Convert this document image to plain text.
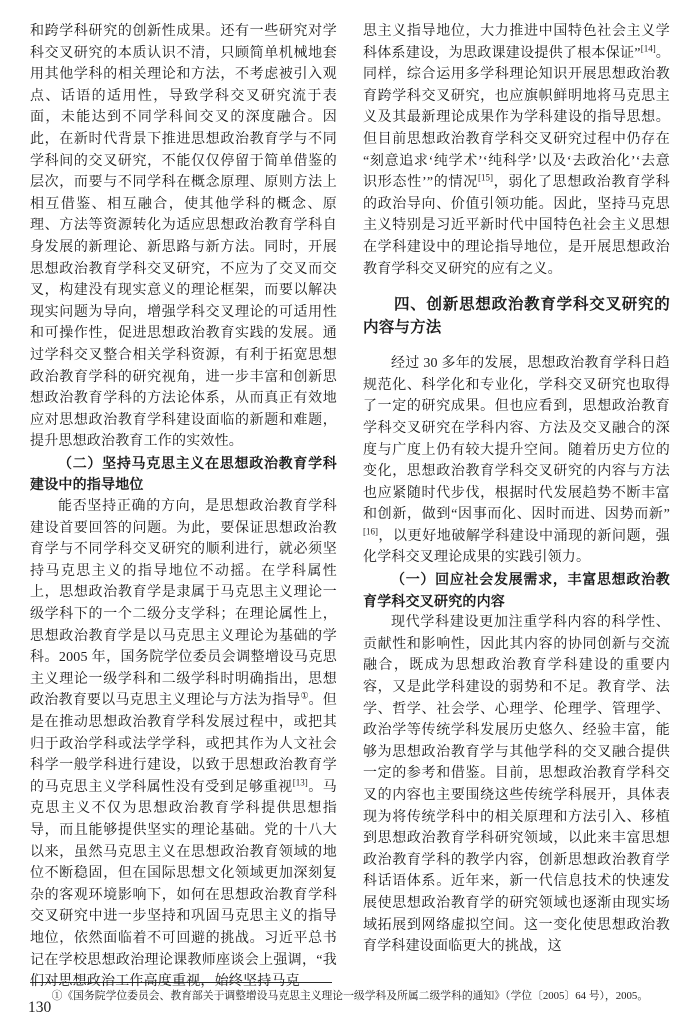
和跨学科研究的创新性成果。还有一些研究对学科交叉研究的本质认识不清，只顾简单机械地套用其他学科的相关理论和方法，不考虑被引入观点、话语的适用性，导致学科交叉研究流于表面，未能达到不同学科间交叉的深度融合。因此，在新时代背景下推进思想政治教育学与不同学科间的交叉研究，不能仅仅停留于简单借鉴的层次，而要与不同学科在概念原理、原则方法上相互借鉴、相互融合，使其他学科的概念、原理、方法等资源转化为适应思想政治教育学科自身发展的新理论、新思路与新方法。同时，开展思想政治教育学科交叉研究，不应为了交叉而交叉，构建没有现实意义的理论框架，而要以解决现实问题为导向，增强学科交叉理论的可适用性和可操作性，促进思想政治教育实践的发展。通过学科交叉整合相关学科资源，有利于拓宽思想政治教育学科的研究视角，进一步丰富和创新思想政治教育学科的方法论体系，从而真正有效地应对思想政治教育学科建设面临的新题和难题，提升思想政治教育工作的实效性。

（二）坚持马克思主义在思想政治教育学科建设中的指导地位

能否坚持正确的方向，是思想政治教育学科建设首要回答的问题。为此，要保证思想政治教育学与不同学科交叉研究的顺利进行，就必须坚持马克思主义的指导地位不动摇。在学科属性上，思想政治教育学是隶属于马克思主义理论一级学科下的一个二级分支学科；在理论属性上，思想政治教育学是以马克思主义理论为基础的学科。2005 年，国务院学位委员会调整增设马克思主义理论一级学科和二级学科时明确指出，思想政治教育要以马克思主义理论与方法为指导①。但是在推动思想政治教育学科发展过程中，或把其归于政治学科或法学学科，或把其作为人文社会科学一般学科进行建设，以致于思想政治教育学的马克思主义学科属性没有受到足够重视[13]。马克思主义不仅为思想政治教育学科提供思想指导，而且能够提供坚实的理论基础。党的十八大以来，虽然马克思主义在思想政治教育领域的地位不断稳固，但在国际思想文化领域更加深刻复杂的客观环境影响下，如何在思想政治教育学科交叉研究中进一步坚持和巩固马克思主义的指导地位，依然面临着不可回避的挑战。习近平总书记在学校思想政治理论课教师座谈会上强调，“我们对思想政治工作高度重视，始终坚持马克

思主义指导地位，大力推进中国特色社会主义学科体系建设，为思政课建设提供了根本保证”[14]。同样，综合运用多学科理论知识开展思想政治教育跨学科交叉研究，也应旗帜鲜明地将马克思主义及其最新理论成果作为学科建设的指导思想。但目前思想政治教育学科交叉研究过程中仍存在“刻意追求‘纯学术’‘纯科学’以及‘去政治化’‘去意识形态性’”的情况[15]，弱化了思想政治教育学科的政治导向、价值引领功能。因此，坚持马克思主义特别是习近平新时代中国特色社会主义思想在学科建设中的理论指导地位，是开展思想政治教育学科交叉研究的应有之义。

四、创新思想政治教育学科交叉研究的内容与方法

经过 30 多年的发展，思想政治教育学科日趋规范化、科学化和专业化，学科交叉研究也取得了一定的研究成果。但也应看到，思想政治教育学科交叉研究在学科内容、方法及交叉融合的深度与广度上仍有较大提升空间。随着历史方位的变化，思想政治教育学科交叉研究的内容与方法也应紧随时代步伐，根据时代发展趋势不断丰富和创新，做到“因事而化、因时而进、因势而新”[16]，以更好地破解学科建设中涌现的新问题，强化学科交叉理论成果的实践引领力。

（一）回应社会发展需求，丰富思想政治教育学科交叉研究的内容

现代学科建设更加注重学科内容的科学性、贡献性和影响性，因此其内容的协同创新与交流融合，既成为思想政治教育学科建设的重要内容，又是此学科建设的弱势和不足。教育学、法学、哲学、社会学、心理学、伦理学、管理学、政治学等传统学科发展历史悠久、经验丰富，能够为思想政治教育学与其他学科的交叉融合提供一定的参考和借鉴。目前，思想政治教育学科交叉的内容也主要围绕这些传统学科展开，具体表现为将传统学科中的相关原理和方法引入、移植到思想政治教育学科研究领域，以此来丰富思想政治教育学科的教学内容，创新思想政治教育学科话语体系。近年来，新一代信息技术的快速发展使思想政治教育学的研究领域也逐渐由现实场域拓展到网络虚拟空间。这一变化使思想政治教育学科建设面临更大的挑战，这

①《国务院学位委员会、教育部关于调整增设马克思主义理论一级学科及所属二级学科的通知》（学位〔2005〕64 号），2005。
130
